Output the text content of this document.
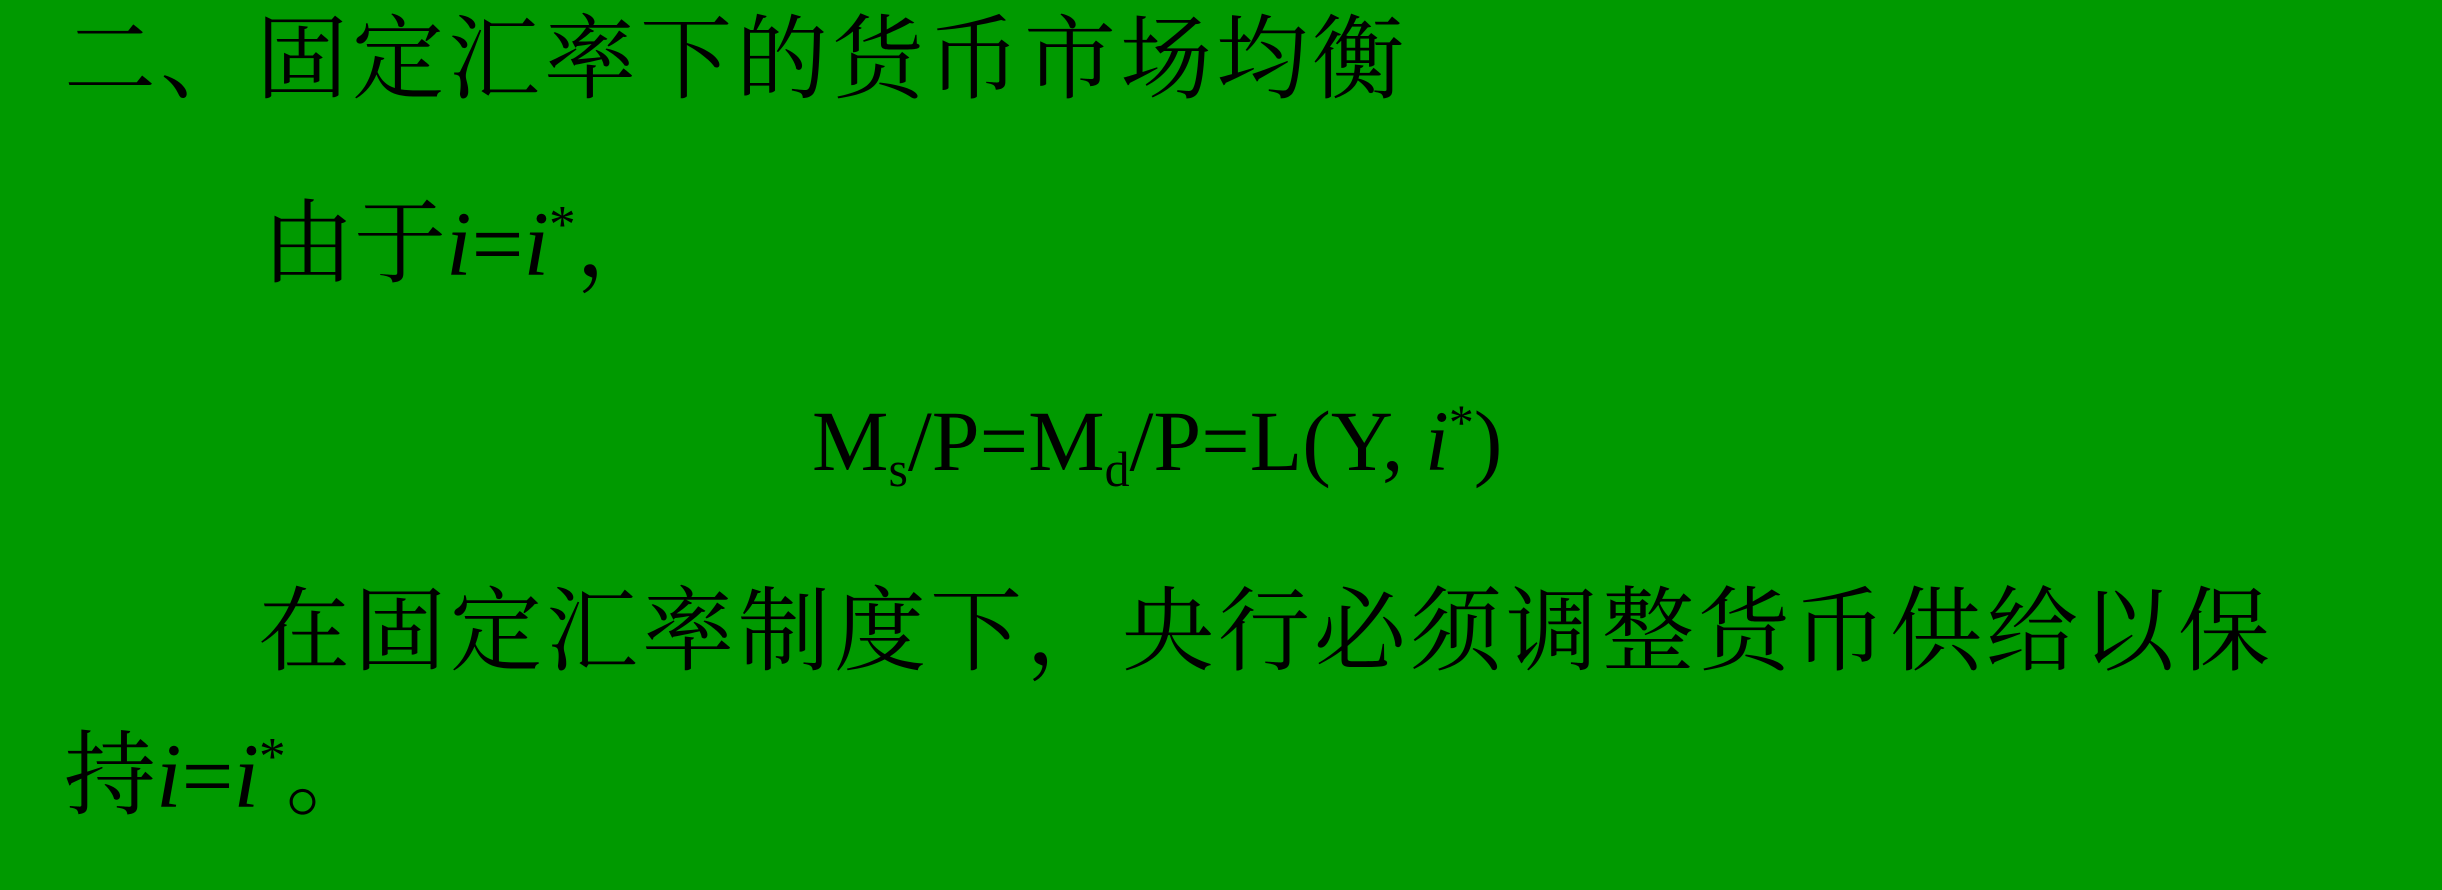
二、固定汇率下的货币市场均衡
由于i=i*，
$M_s/P=M_d/P=L(Y$, i*)
在固定汇率制度下，央行必须调整货币供给以保
持i=i*。
